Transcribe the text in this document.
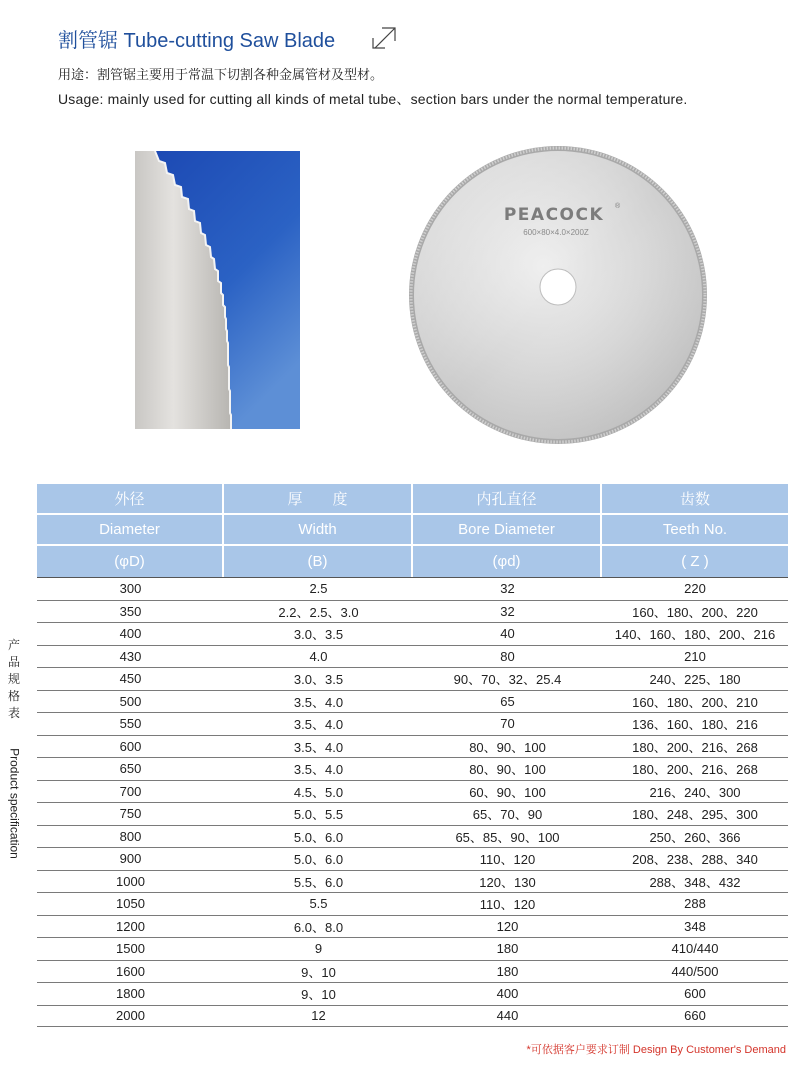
割管锯 Tube-cutting Saw Blade
用途：割管锯主要用于常温下切割各种金属管材及型材。
Usage: mainly used for cutting all kinds of metal tube、section bars under the normal temperature.
PEACOCK ®
600×80×4.0×200Z
产
品
规
格
表
Product specification
外径	厚　　度	内孔直径	齿数
Diameter	Width	Bore Diameter	Teeth No.
(φD)	(B)	(φd)	( Z )
300	2.5	32	220
350	2.2、2.5、3.0	32	160、180、200、220
400	3.0、3.5	40	140、160、180、200、216
430	4.0	80	210
450	3.0、3.5	90、70、32、25.4	240、225、180
500	3.5、4.0	65	160、180、200、210
550	3.5、4.0	70	136、160、180、216
600	3.5、4.0	80、90、100	180、200、216、268
650	3.5、4.0	80、90、100	180、200、216、268
700	4.5、5.0	60、90、100	216、240、300
750	5.0、5.5	65、70、90	180、248、295、300
800	5.0、6.0	65、85、90、100	250、260、366
900	5.0、6.0	110、120	208、238、288、340
1000	5.5、6.0	120、130	288、348、432
1050	5.5	110、120	288
1200	6.0、8.0	120	348
1500	9	180	410/440
1600	9、10	180	440/500
1800	9、10	400	600
2000	12	440	660
*可依据客户要求订制 Design By Customer's Demand
